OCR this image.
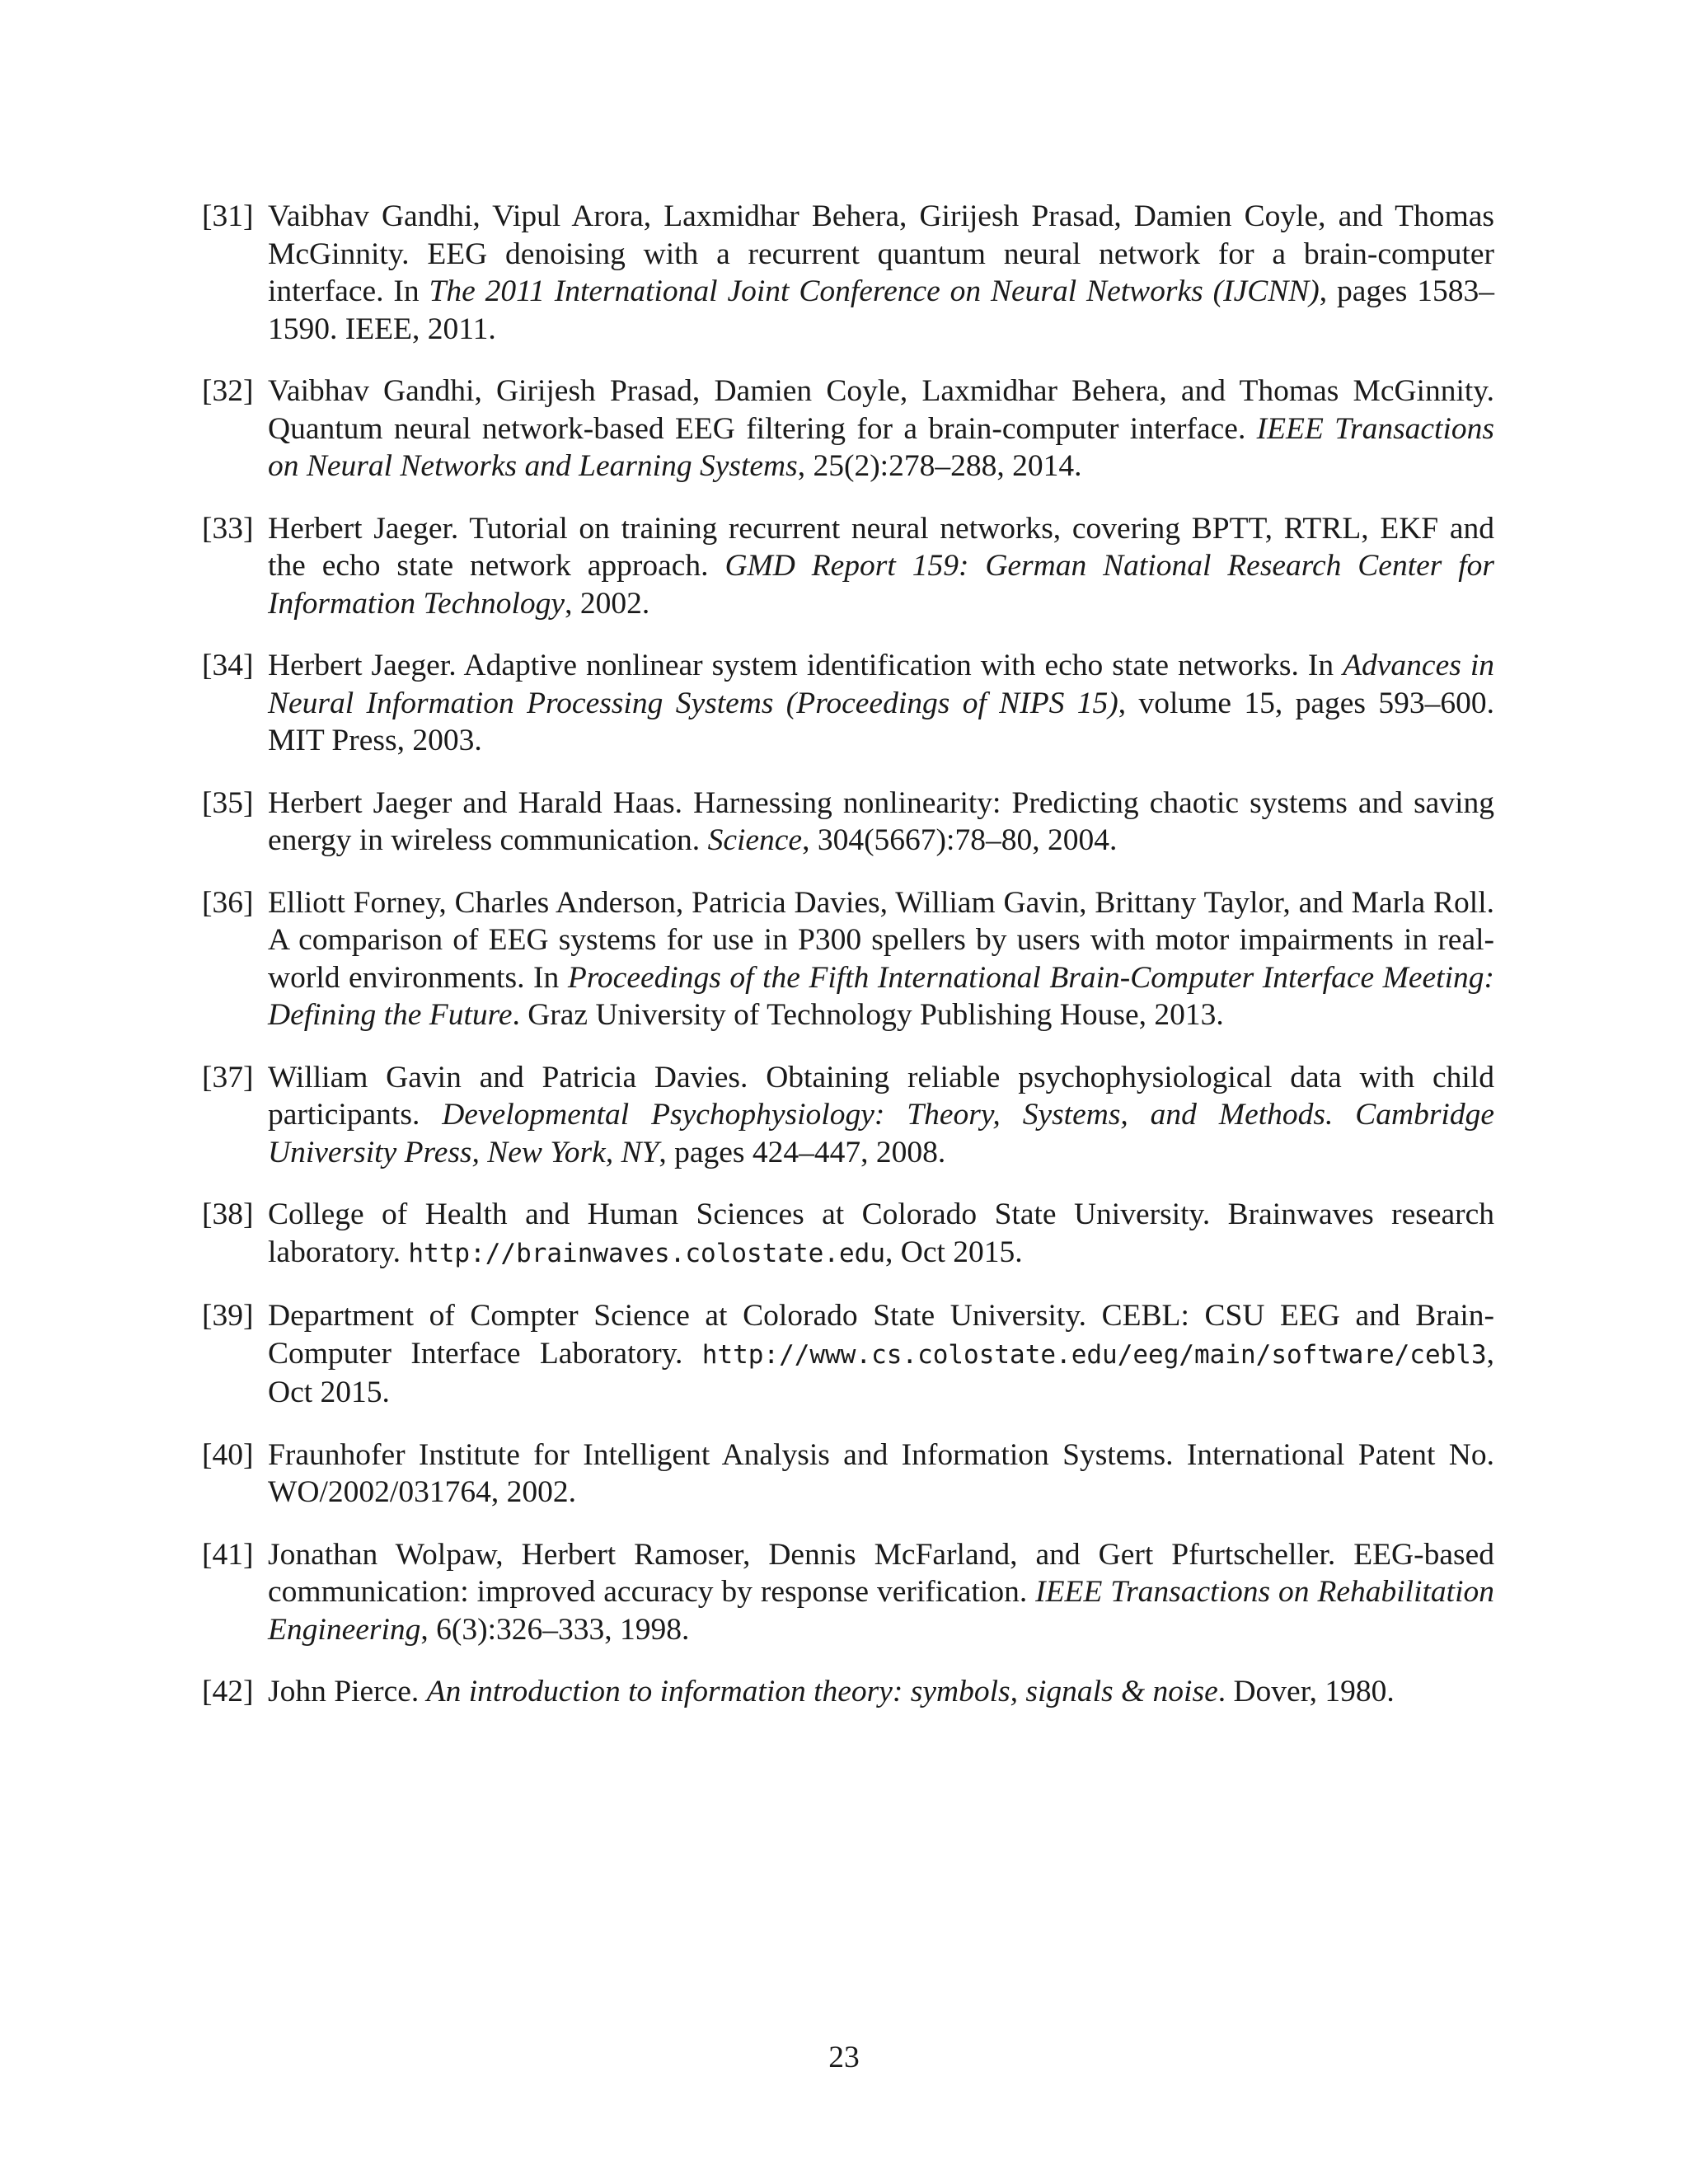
[31] Vaibhav Gandhi, Vipul Arora, Laxmidhar Behera, Girijesh Prasad, Damien Coyle, and Thomas McGinnity. EEG denoising with a recurrent quantum neural network for a brain-computer interface. In The 2011 International Joint Conference on Neural Networks (IJCNN), pages 1583–1590. IEEE, 2011.
[32] Vaibhav Gandhi, Girijesh Prasad, Damien Coyle, Laxmidhar Behera, and Thomas McGinnity. Quantum neural network-based EEG filtering for a brain-computer interface. IEEE Transactions on Neural Networks and Learning Systems, 25(2):278–288, 2014.
[33] Herbert Jaeger. Tutorial on training recurrent neural networks, covering BPTT, RTRL, EKF and the echo state network approach. GMD Report 159: German National Research Center for Information Technology, 2002.
[34] Herbert Jaeger. Adaptive nonlinear system identification with echo state networks. In Advances in Neural Information Processing Systems (Proceedings of NIPS 15), volume 15, pages 593–600. MIT Press, 2003.
[35] Herbert Jaeger and Harald Haas. Harnessing nonlinearity: Predicting chaotic systems and saving energy in wireless communication. Science, 304(5667):78–80, 2004.
[36] Elliott Forney, Charles Anderson, Patricia Davies, William Gavin, Brittany Taylor, and Marla Roll. A comparison of EEG systems for use in P300 spellers by users with motor impairments in real-world environments. In Proceedings of the Fifth International Brain-Computer Interface Meeting: Defining the Future. Graz University of Technology Publishing House, 2013.
[37] William Gavin and Patricia Davies. Obtaining reliable psychophysiological data with child participants. Developmental Psychophysiology: Theory, Systems, and Methods. Cambridge University Press, New York, NY, pages 424–447, 2008.
[38] College of Health and Human Sciences at Colorado State University. Brainwaves research laboratory. http://brainwaves.colostate.edu, Oct 2015.
[39] Department of Compter Science at Colorado State University. CEBL: CSU EEG and Brain-Computer Interface Laboratory. http://www.cs.colostate.edu/eeg/main/software/cebl3, Oct 2015.
[40] Fraunhofer Institute for Intelligent Analysis and Information Systems. International Patent No. WO/2002/031764, 2002.
[41] Jonathan Wolpaw, Herbert Ramoser, Dennis McFarland, and Gert Pfurtscheller. EEG-based communication: improved accuracy by response verification. IEEE Transactions on Rehabilitation Engineering, 6(3):326–333, 1998.
[42] John Pierce. An introduction to information theory: symbols, signals & noise. Dover, 1980.
23
